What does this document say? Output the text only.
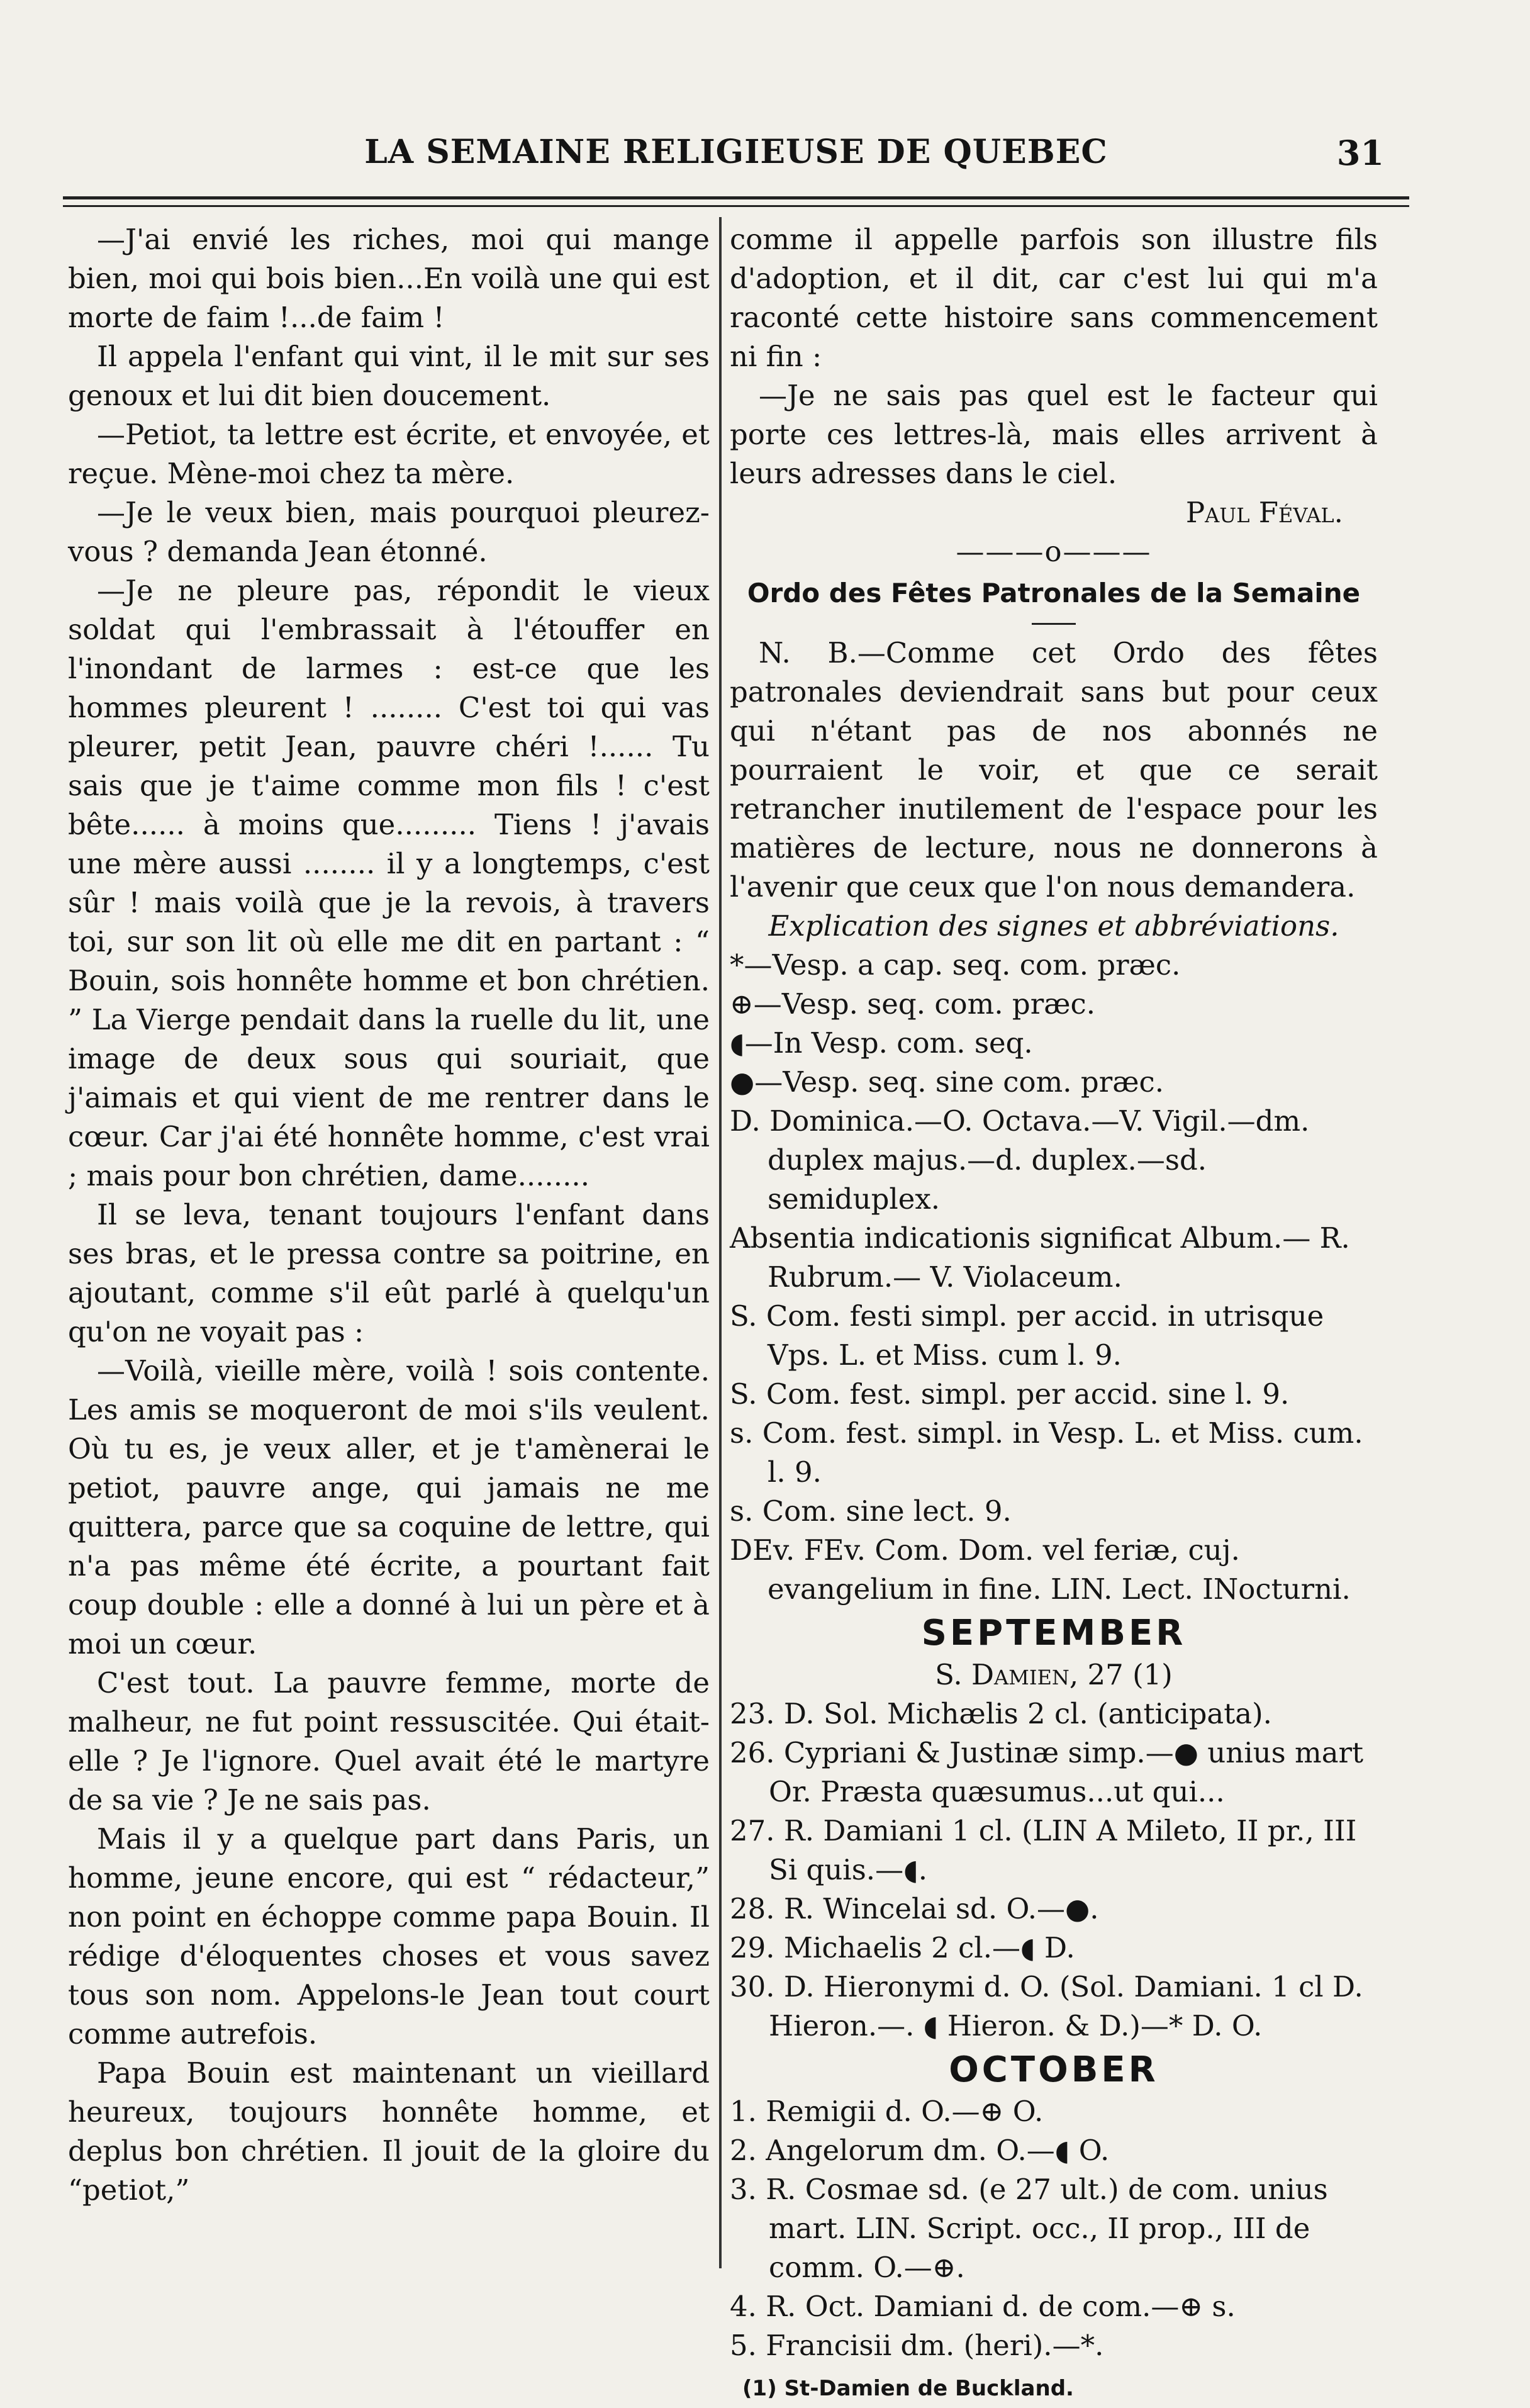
LA SEMAINE RELIGIEUSE DE QUEBEC	31

—J'ai envié les riches, moi qui mange bien, moi qui bois bien...En voilà une qui est morte de faim !...de faim !

Il appela l'enfant qui vint, il le mit sur ses genoux et lui dit bien doucement.

—Petiot, ta lettre est écrite, et envoyée, et reçue. Mène-moi chez ta mère.

—Je le veux bien, mais pourquoi pleurez-vous ? demanda Jean étonné.

—Je ne pleure pas, répondit le vieux soldat qui l'embrassait à l'étouffer en l'inondant de larmes : est-ce que les hommes pleurent ! ........ C'est toi qui vas pleurer, petit Jean, pauvre chéri !...... Tu sais que je t'aime comme mon fils ! c'est bête...... à moins que......... Tiens ! j'avais une mère aussi ........ il y a longtemps, c'est sûr ! mais voilà que je la revois, à travers toi, sur son lit où elle me dit en partant : “ Bouin, sois honnête homme et bon chrétien. ” La Vierge pendait dans la ruelle du lit, une image de deux sous qui souriait, que j'aimais et qui vient de me rentrer dans le cœur. Car j'ai été honnête homme, c'est vrai ; mais pour bon chrétien, dame........

Il se leva, tenant toujours l'enfant dans ses bras, et le pressa contre sa poitrine, en ajoutant, comme s'il eût parlé à quelqu'un qu'on ne voyait pas :

—Voilà, vieille mère, voilà ! sois contente. Les amis se moqueront de moi s'ils veulent. Où tu es, je veux aller, et je t'amènerai le petiot, pauvre ange, qui jamais ne me quittera, parce que sa coquine de lettre, qui n'a pas même été écrite, a pourtant fait coup double : elle a donné à lui un père et à moi un cœur.

C'est tout. La pauvre femme, morte de malheur, ne fut point ressuscitée. Qui était-elle ? Je l'ignore. Quel avait été le martyre de sa vie ? Je ne sais pas.

Mais il y a quelque part dans Paris, un homme, jeune encore, qui est “ rédacteur,” non point en échoppe comme papa Bouin. Il rédige d'éloquentes choses et vous savez tous son nom. Appelons-le Jean tout court comme autrefois.

Papa Bouin est maintenant un vieillard heureux, toujours honnête homme, et deplus bon chrétien. Il jouit de la gloire du “petiot,”

comme il appelle parfois son illustre fils d'adoption, et il dit, car c'est lui qui m'a raconté cette histoire sans commencement ni fin :

—Je ne sais pas quel est le facteur qui porte ces lettres-là, mais elles arrivent à leurs adresses dans le ciel.

Paul Féval.

———o———

Ordo des Fêtes Patronales de la Semaine

N. B.—Comme cet Ordo des fêtes patronales deviendrait sans but pour ceux qui n'étant pas de nos abonnés ne pourraient le voir, et que ce serait retrancher inutilement de l'espace pour les matières de lecture, nous ne donnerons à l'avenir que ceux que l'on nous demandera.

Explication des signes et abbréviations.

*—Vesp. a cap. seq. com. præc.

⊕—Vesp. seq. com. præc.

◖—In Vesp. com. seq.

●—Vesp. seq. sine com. præc.

D. Dominica.—O. Octava.—V. Vigil.—dm. duplex majus.—d. duplex.—sd. semiduplex.

Absentia indicationis significat Album.— R. Rubrum.— V. Violaceum.

S. Com. festi simpl. per accid. in utrisque Vps. L. et Miss. cum l. 9.

S. Com. fest. simpl. per accid. sine l. 9.

s. Com. fest. simpl. in Vesp. L. et Miss. cum. l. 9.

s. Com. sine lect. 9.

DEv. FEv. Com. Dom. vel feriæ, cuj. evangelium in fine. LIN. Lect. INocturni.

SEPTEMBER

S. Damien, 27 (1)

23. D. Sol. Michælis 2 cl. (anticipata).

26. Cypriani & Justinæ simp.—● unius mart Or. Præsta quæsumus...ut qui...

27. R. Damiani 1 cl. (LIN A Mileto, II pr., III Si quis.—◖.

28. R. Wincelai sd. O.—●.

29. Michaelis 2 cl.—◖ D.

30. D. Hieronymi d. O. (Sol. Damiani. 1 cl D. Hieron.—. ◖ Hieron. & D.)—* D. O.

OCTOBER

1. Remigii d. O.—⊕ O.

2. Angelorum dm. O.—◖ O.

3. R. Cosmae sd. (e 27 ult.) de com. unius mart. LIN. Script. occ., II prop., III de comm. O.—⊕.

4. R. Oct. Damiani d. de com.—⊕ s.

5. Francisii dm. (heri).—*.

(1) St-Damien de Buckland.
